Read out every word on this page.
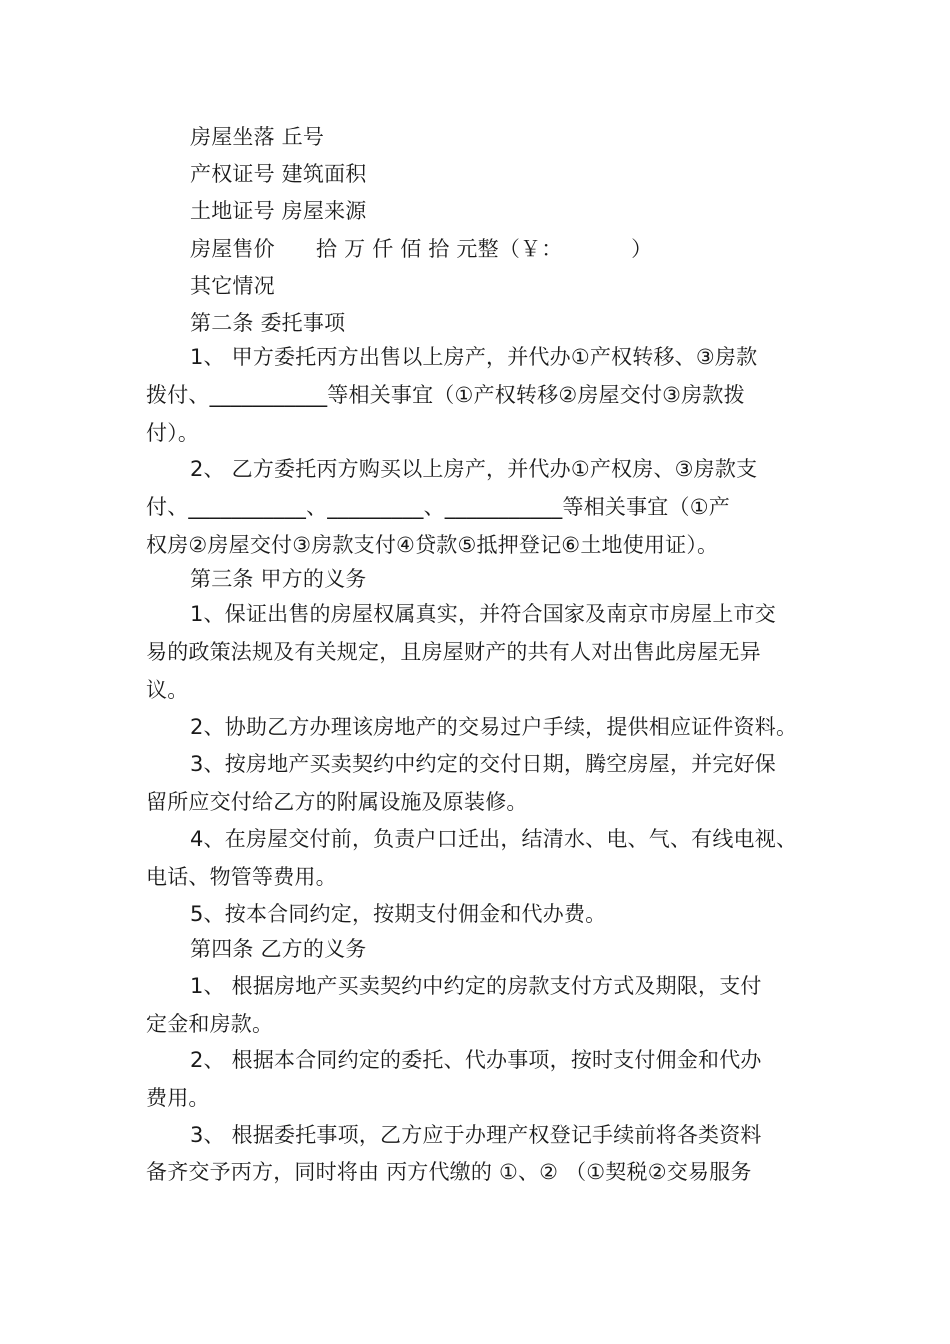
房屋坐落 丘号
产权证号 建筑面积
土地证号 房屋来源
房屋售价      拾 万 仟 佰 拾 元整（￥：          ）
其它情况
第二条 委托事项
1、 甲方委托丙方出售以上房产，并代办①产权转移、③房款
拨付、___________等相关事宜（①产权转移②房屋交付③房款拨
付）。
2、 乙方委托丙方购买以上房产，并代办①产权房、③房款支
付、___________、_________、___________等相关事宜（①产
权房②房屋交付③房款支付④贷款⑤抵押登记⑥土地使用证）。
第三条 甲方的义务
1、保证出售的房屋权属真实，并符合国家及南京市房屋上市交
易的政策法规及有关规定，且房屋财产的共有人对出售此房屋无异
议。
2、协助乙方办理该房地产的交易过户手续，提供相应证件资料。
3、按房地产买卖契约中约定的交付日期，腾空房屋，并完好保
留所应交付给乙方的附属设施及原装修。
4、在房屋交付前，负责户口迁出，结清水、电、气、有线电视、
电话、物管等费用。
5、按本合同约定，按期支付佣金和代办费。
第四条 乙方的义务
1、 根据房地产买卖契约中约定的房款支付方式及期限，支付
定金和房款。
2、 根据本合同约定的委托、代办事项，按时支付佣金和代办
费用。
3、 根据委托事项，乙方应于办理产权登记手续前将各类资料
备齐交予丙方，同时将由 丙方代缴的 ①、② （①契税②交易服务
